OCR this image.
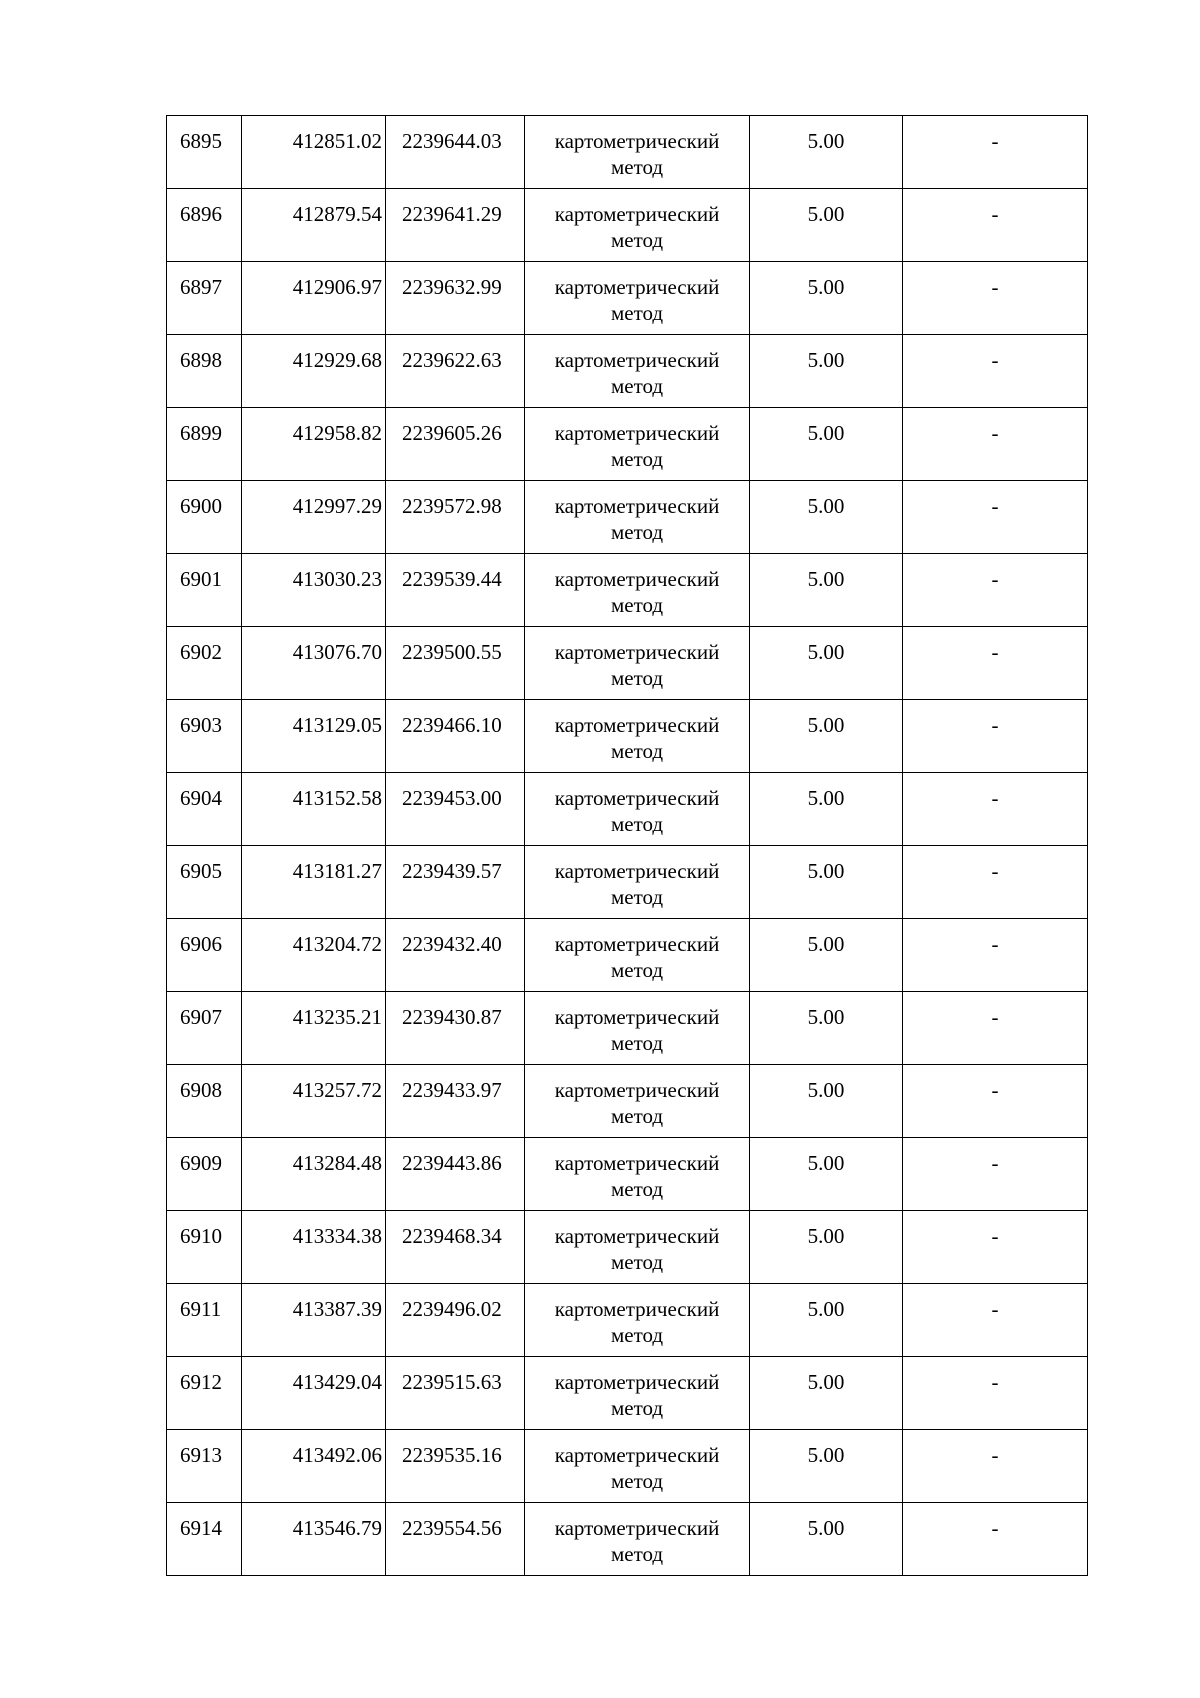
6895	412851.02	2239644.03	картометрический метод	5.00	-
6896	412879.54	2239641.29	картометрический метод	5.00	-
6897	412906.97	2239632.99	картометрический метод	5.00	-
6898	412929.68	2239622.63	картометрический метод	5.00	-
6899	412958.82	2239605.26	картометрический метод	5.00	-
6900	412997.29	2239572.98	картометрический метод	5.00	-
6901	413030.23	2239539.44	картометрический метод	5.00	-
6902	413076.70	2239500.55	картометрический метод	5.00	-
6903	413129.05	2239466.10	картометрический метод	5.00	-
6904	413152.58	2239453.00	картометрический метод	5.00	-
6905	413181.27	2239439.57	картометрический метод	5.00	-
6906	413204.72	2239432.40	картометрический метод	5.00	-
6907	413235.21	2239430.87	картометрический метод	5.00	-
6908	413257.72	2239433.97	картометрический метод	5.00	-
6909	413284.48	2239443.86	картометрический метод	5.00	-
6910	413334.38	2239468.34	картометрический метод	5.00	-
6911	413387.39	2239496.02	картометрический метод	5.00	-
6912	413429.04	2239515.63	картометрический метод	5.00	-
6913	413492.06	2239535.16	картометрический метод	5.00	-
6914	413546.79	2239554.56	картометрический метод	5.00	-
